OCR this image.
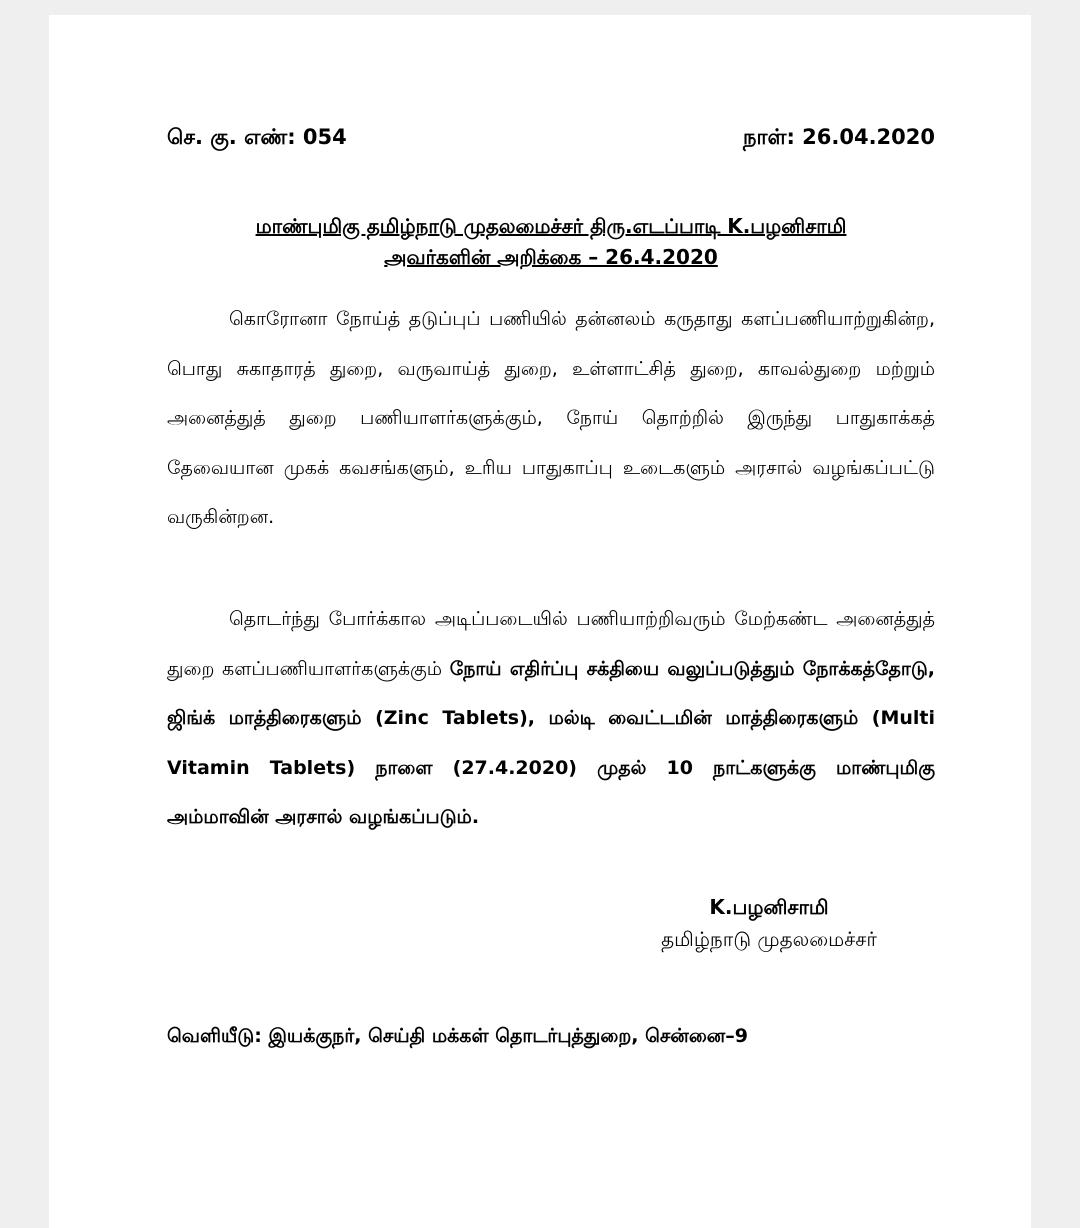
செ. கு. எண்: 054	நாள்: 26.04.2020
மாண்புமிகு தமிழ்நாடு முதலமைச்சர் திரு.எடப்பாடி K.பழனிசாமி
அவர்களின் அறிக்கை – 26.4.2020
கொரோனா நோய்த் தடுப்புப் பணியில் தன்னலம் கருதாது களப்பணியாற்றுகின்ற, பொது சுகாதாரத் துறை, வருவாய்த் துறை, உள்ளாட்சித் துறை, காவல்துறை மற்றும் அனைத்துத் துறை பணியாளர்களுக்கும், நோய் தொற்றில் இருந்து பாதுகாக்கத் தேவையான முகக் கவசங்களும், உரிய பாதுகாப்பு உடைகளும் அரசால் வழங்கப்பட்டு வருகின்றன.
தொடர்ந்து போர்க்கால அடிப்படையில் பணியாற்றிவரும் மேற்கண்ட அனைத்துத் துறை களப்பணியாளர்களுக்கும் நோய் எதிர்ப்பு சக்தியை வலுப்படுத்தும் நோக்கத்தோடு, ஜிங்க் மாத்திரைகளும் (Zinc Tablets), மல்டி வைட்டமின் மாத்திரைகளும் (Multi Vitamin Tablets) நாளை (27.4.2020) முதல் 10 நாட்களுக்கு மாண்புமிகு அம்மாவின் அரசால் வழங்கப்படும்.
K.பழனிசாமி
தமிழ்நாடு முதலமைச்சர்
வெளியீடு: இயக்குநர், செய்தி மக்கள் தொடர்புத்துறை, சென்னை–9
